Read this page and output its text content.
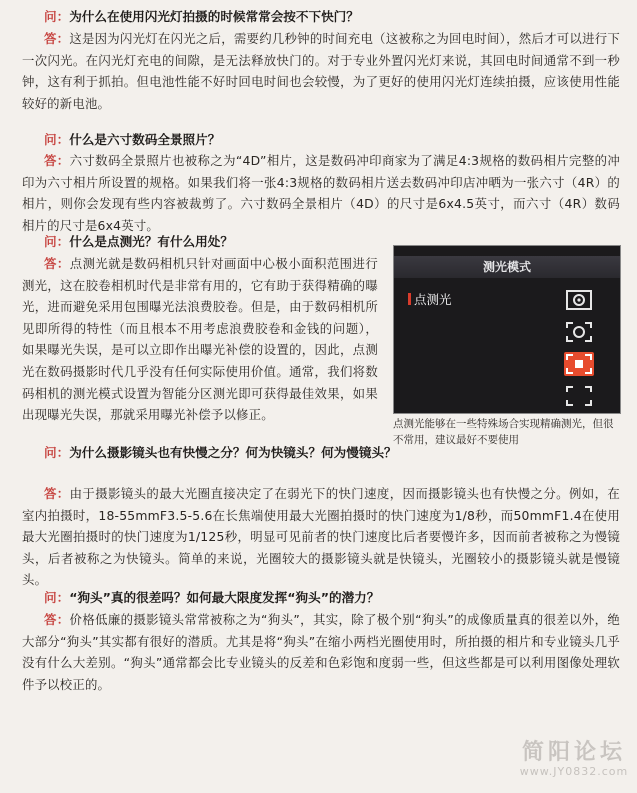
问：为什么在使用闪光灯拍摄的时候常常会按不下快门？
答：这是因为闪光灯在闪光之后，需要约几秒钟的时间充电（这被称之为回电时间），然后才可以进行下一次闪光。在闪光灯充电的间隙，是无法释放快门的。对于专业外置闪光灯来说，其回电时间通常不到一秒钟，这有利于抓拍。但电池性能不好时回电时间也会较慢，为了更好的使用闪光灯连续拍摄，应该使用性能较好的新电池。
问：什么是六寸数码全景照片？
答：六寸数码全景照片也被称之为“4D”相片，这是数码冲印商家为了满足4:3规格的数码相片完整的冲印为六寸相片所设置的规格。如果我们将一张4:3规格的数码相片送去数码冲印店冲晒为一张六寸（4R）的相片，则你会发现有些内容被裁剪了。六寸数码全景相片（4D）的尺寸是6x4.5英寸，而六寸（4R）数码相片的尺寸是6x4英寸。
问：什么是点测光？有什么用处？
答：点测光就是数码相机只针对画面中心极小面积范围进行测光，这在胶卷相机时代是非常有用的，它有助于获得精确的曝光，进而避免采用包围曝光法浪费胶卷。但是，由于数码相机所见即所得的特性（而且根本不用考虑浪费胶卷和金钱的问题），如果曝光失误，是可以立即作出曝光补偿的设置的，因此，点测光在数码摄影时代几乎没有任何实际使用价值。通常，我们将数码相机的测光模式设置为智能分区测光即可获得最佳效果，如果出现曝光失误，那就采用曝光补偿予以修正。
测光模式
点测光
点测光能够在一些特殊场合实现精确测光，但很不常用，建议最好不要使用
问：为什么摄影镜头也有快慢之分？何为快镜头？何为慢镜头？
答：由于摄影镜头的最大光圈直接决定了在弱光下的快门速度，因而摄影镜头也有快慢之分。例如，在室内拍摄时，18-55mmF3.5-5.6在长焦端使用最大光圈拍摄时的快门速度为1/8秒，而50mmF1.4在使用最大光圈拍摄时的快门速度为1/125秒，明显可见前者的快门速度比后者要慢许多，因而前者被称之为慢镜头，后者被称之为快镜头。简单的来说，光圈较大的摄影镜头就是快镜头，光圈较小的摄影镜头就是慢镜头。
问：“狗头”真的很差吗？如何最大限度发挥“狗头”的潜力？
答：价格低廉的摄影镜头常常被称之为“狗头”，其实，除了极个别“狗头”的成像质量真的很差以外，绝大部分“狗头”其实都有很好的潜质。尤其是将“狗头”在缩小两档光圈使用时，所拍摄的相片和专业镜头几乎没有什么大差别。“狗头”通常都会比专业镜头的反差和色彩饱和度弱一些，但这些都是可以利用图像处理软件予以校正的。
简阳论坛
www.JY0832.com
